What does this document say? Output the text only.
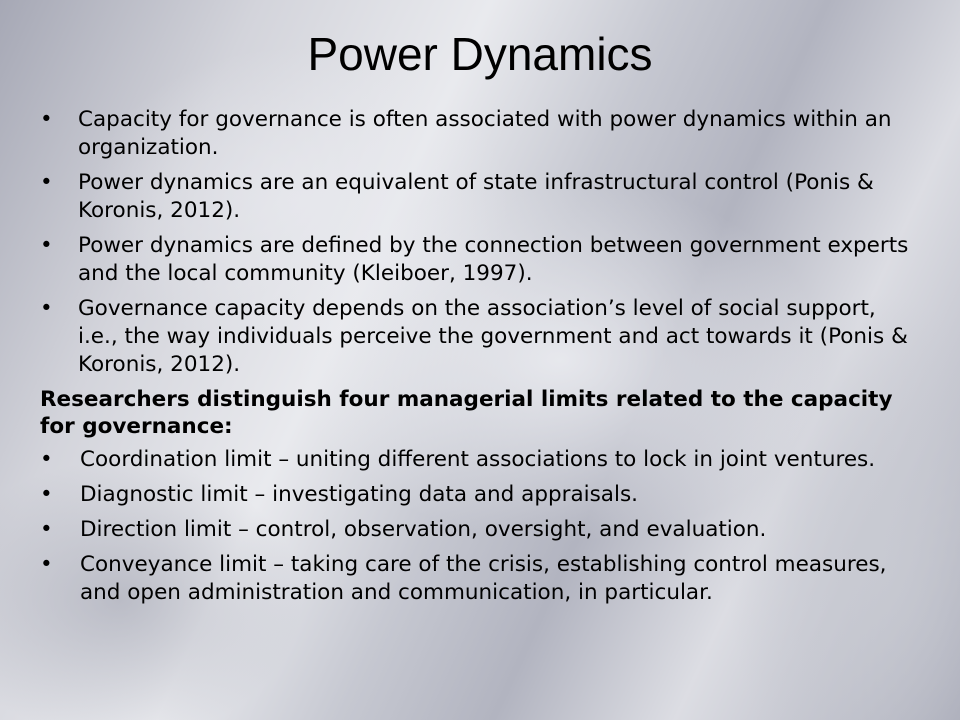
Power Dynamics
•	Capacity for governance is often associated with power dynamics within an organization.
•	Power dynamics are an equivalent of state infrastructural control (Ponis & Koronis, 2012).
•	Power dynamics are defined by the connection between government experts and the local community (Kleiboer, 1997).
•	Governance capacity depends on the association’s level of social support, i.e., the way individuals perceive the government and act towards it (Ponis & Koronis, 2012).
Researchers distinguish four managerial limits related to the capacity for governance:
•	Coordination limit – uniting different associations to lock in joint ventures.
•	Diagnostic limit – investigating data and appraisals.
•	Direction limit – control, observation, oversight, and evaluation.
•	Conveyance limit – taking care of the crisis, establishing control measures, and open administration and communication, in particular.
